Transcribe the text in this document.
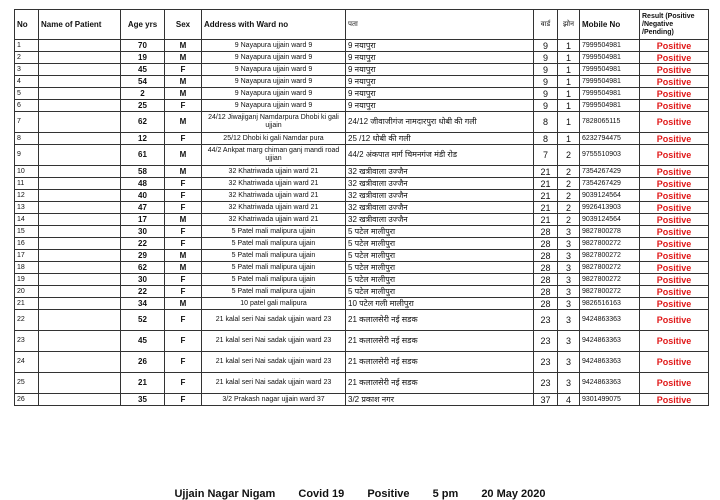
No	Name of Patient	Age yrs	Sex	Address with Ward no	पता	वार्ड	झोन	Mobile No	Result (Positive /Negative /Pending)
1		70	M	9 Nayapura ujjain ward 9	9 नयापुरा	9	1	7999504981	Positive
2		19	M	9 Nayapura ujjain ward 9	9 नयापुरा	9	1	7999504981	Positive
3		45	F	9 Nayapura ujjain ward 9	9 नयापुरा	9	1	7999504981	Positive
4		54	M	9 Nayapura ujjain ward 9	9 नयापुरा	9	1	7999504981	Positive
5		2	M	9 Nayapura ujjain ward 9	9 नयापुरा	9	1	7999504981	Positive
6		25	F	9 Nayapura ujjain ward 9	9 नयापुरा	9	1	7999504981	Positive
7		62	M	24/12 Jiwajiganj Namdarpura Dhobi ki gali ujjain	24/12 जीवाजीगंज नामदारपुरा धोबी की गली	8	1	7828065115	Positive
8		12	F	25/12 Dhobi ki gali Namdar pura	25 /12 धोबी की गली	8	1	6232794475	Positive
9		61	M	44/2 Ankpat marg chiman ganj mandi road ujjian	44/2 अंकपात मार्ग चिमनगंज मंडी रोड	7	2	9755510903	Positive
10		58	M	32 Khatriwada ujjain ward 21	32 खत्रीवाला उज्जैन	21	2	7354267429	Positive
11		48	F	32 Khatriwada ujjain ward 21	32 खत्रीवाला उज्जैन	21	2	7354267429	Positive
12		40	F	32 Khatriwada ujjain ward 21	32 खत्रीवाला उज्जैन	21	2	9039124564	Positive
13		47	F	32 Khatriwada ujjain ward 21	32 खत्रीवाला उज्जैन	21	2	9926413903	Positive
14		17	M	32 Khatriwada ujjain ward 21	32 खत्रीवाला उज्जैन	21	2	9039124564	Positive
15		30	F	5 Patel mali malipura ujjain	5 पटेल मालीपुरा	28	3	9827800278	Positive
16		22	F	5 Patel mali malipura ujjain	5 पटेल मालीपुरा	28	3	9827800272	Positive
17		29	M	5 Patel mali malipura ujjain	5 पटेल मालीपुरा	28	3	9827800272	Positive
18		62	M	5 Patel mali malipura ujjain	5 पटेल मालीपुरा	28	3	9827800272	Positive
19		30	F	5 Patel mali malipura ujjain	5 पटेल मालीपुरा	28	3	9827800272	Positive
20		22	F	5 Patel mali malipura ujjain	5 पटेल मालीपुरा	28	3	9827800272	Positive
21		34	M	10 patel gali malipura	10 पटेल गली मालीपुरा	28	3	9826516163	Positive
22		52	F	21 kalal seri Nai sadak ujjain ward 23	21 कलालसेरी नई सडक	23	3	9424863363	Positive
23		45	F	21 kalal seri Nai sadak ujjain ward 23	21 कलालसेरी नई सडक	23	3	9424863363	Positive
24		26	F	21 kalal seri Nai sadak ujjain ward 23	21 कलालसेरी नई सडक	23	3	9424863363	Positive
25		21	F	21 kalal seri Nai sadak ujjain ward 23	21 कलालसेरी नई सडक	23	3	9424863363	Positive
26		35	F	3/2 Prakash nagar ujjain ward 37	3/2 प्रकाश नगर	37	4	9301499075	Positive
Ujjain Nagar Nigam Covid 19 Positive 5 pm 20 May 2020
